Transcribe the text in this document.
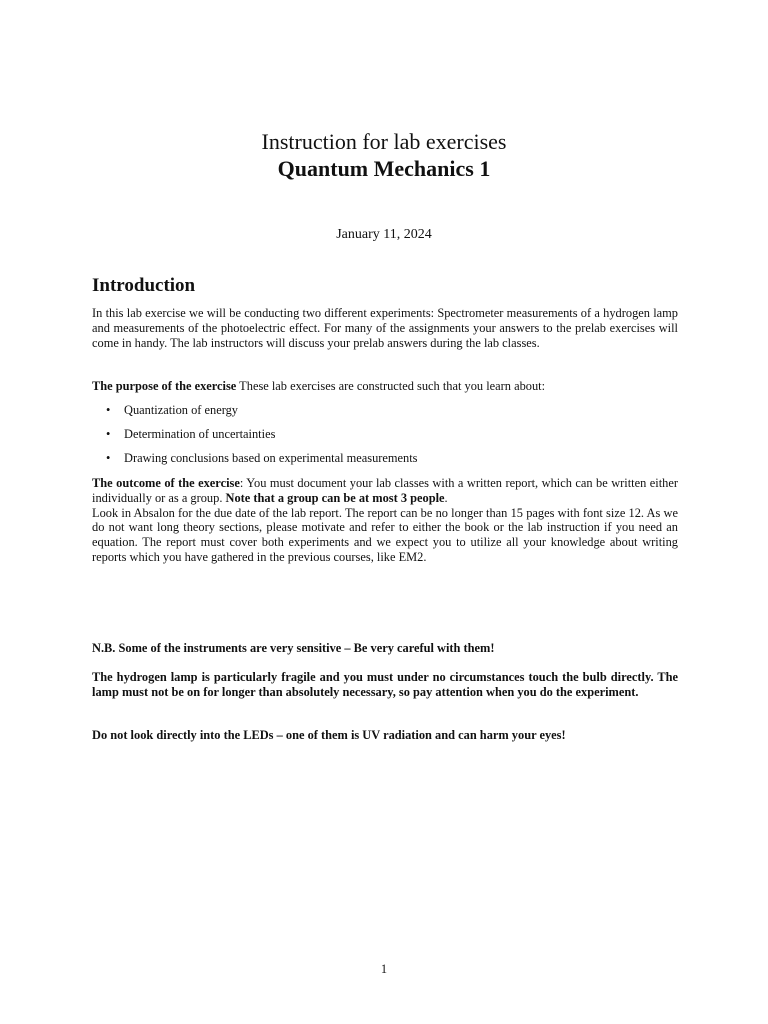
Instruction for lab exercises
Quantum Mechanics 1
January 11, 2024
Introduction

In this lab exercise we will be conducting two different experiments: Spectrometer measurements of a hydrogen lamp and measurements of the photoelectric effect. For many of the assignments your answers to the prelab exercises will come in handy. The lab instructors will discuss your prelab answers during the lab classes.

The purpose of the exercise These lab exercises are constructed such that you learn about:

• Quantization of energy
• Determination of uncertainties
• Drawing conclusions based on experimental measurements
The outcome of the exercise: You must document your lab classes with a written report, which can be written either individually or as a group. Note that a group can be at most 3 people.
Look in Absalon for the due date of the lab report. The report can be no longer than 15 pages with font size 12. As we do not want long theory sections, please motivate and refer to either the book or the lab instruction if you need an equation. The report must cover both experiments and we expect you to utilize all your knowledge about writing reports which you have gathered in the previous courses, like EM2.

N.B. Some of the instruments are very sensitive – Be very careful with them!

The hydrogen lamp is particularly fragile and you must under no circumstances touch the bulb directly. The lamp must not be on for longer than absolutely necessary, so pay attention when you do the experiment.

Do not look directly into the LEDs – one of them is UV radiation and can harm your eyes!

1
